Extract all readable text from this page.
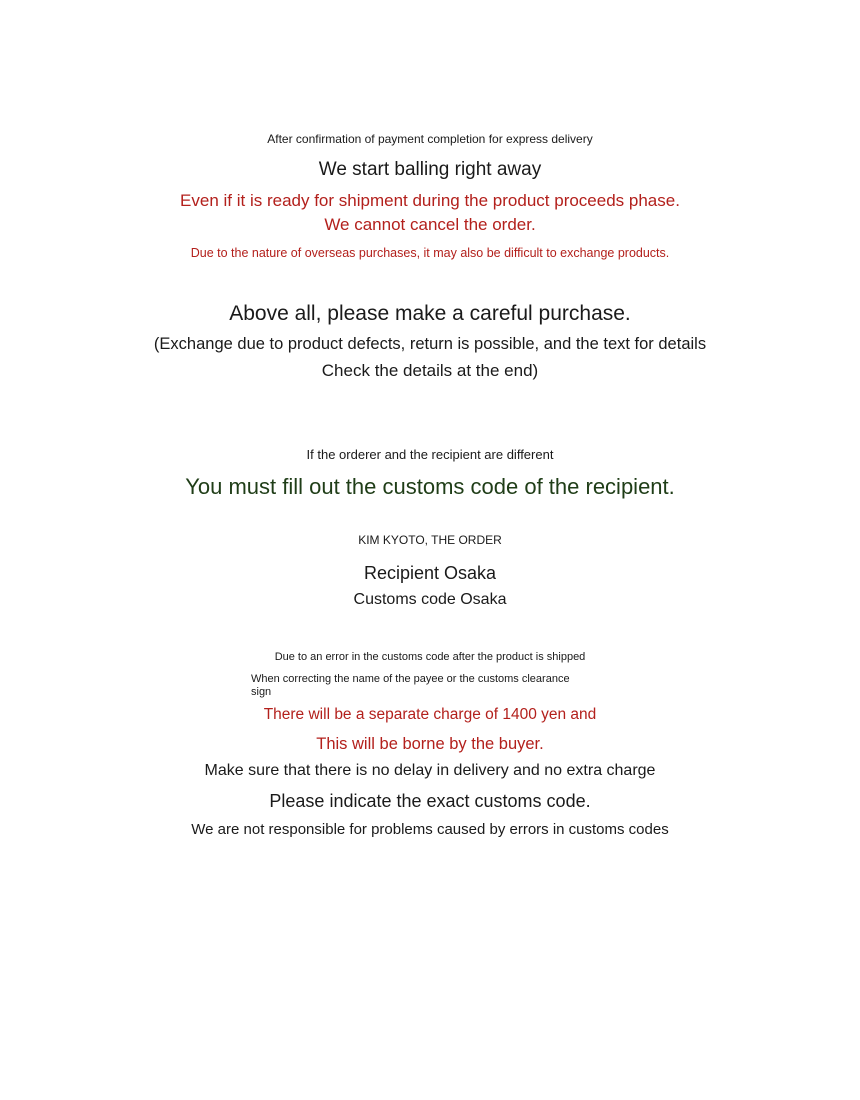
After confirmation of payment completion for express delivery
We start balling right away
Even if it is ready for shipment during the product proceeds phase.
We cannot cancel the order.
Due to the nature of overseas purchases, it may also be difficult to exchange products.
Above all, please make a careful purchase.
(Exchange due to product defects, return is possible, and the text for details
Check the details at the end)
If the orderer and the recipient are different
You must fill out the customs code of the recipient.
KIM KYOTO, THE ORDER
Recipient Osaka
Customs code Osaka
Due to an error in the customs code after the product is shipped
When correcting the name of the payee or the customs clearance sign
There will be a separate charge of 1400 yen and
This will be borne by the buyer.
Make sure that there is no delay in delivery and no extra charge
Please indicate the exact customs code.
We are not responsible for problems caused by errors in customs codes
